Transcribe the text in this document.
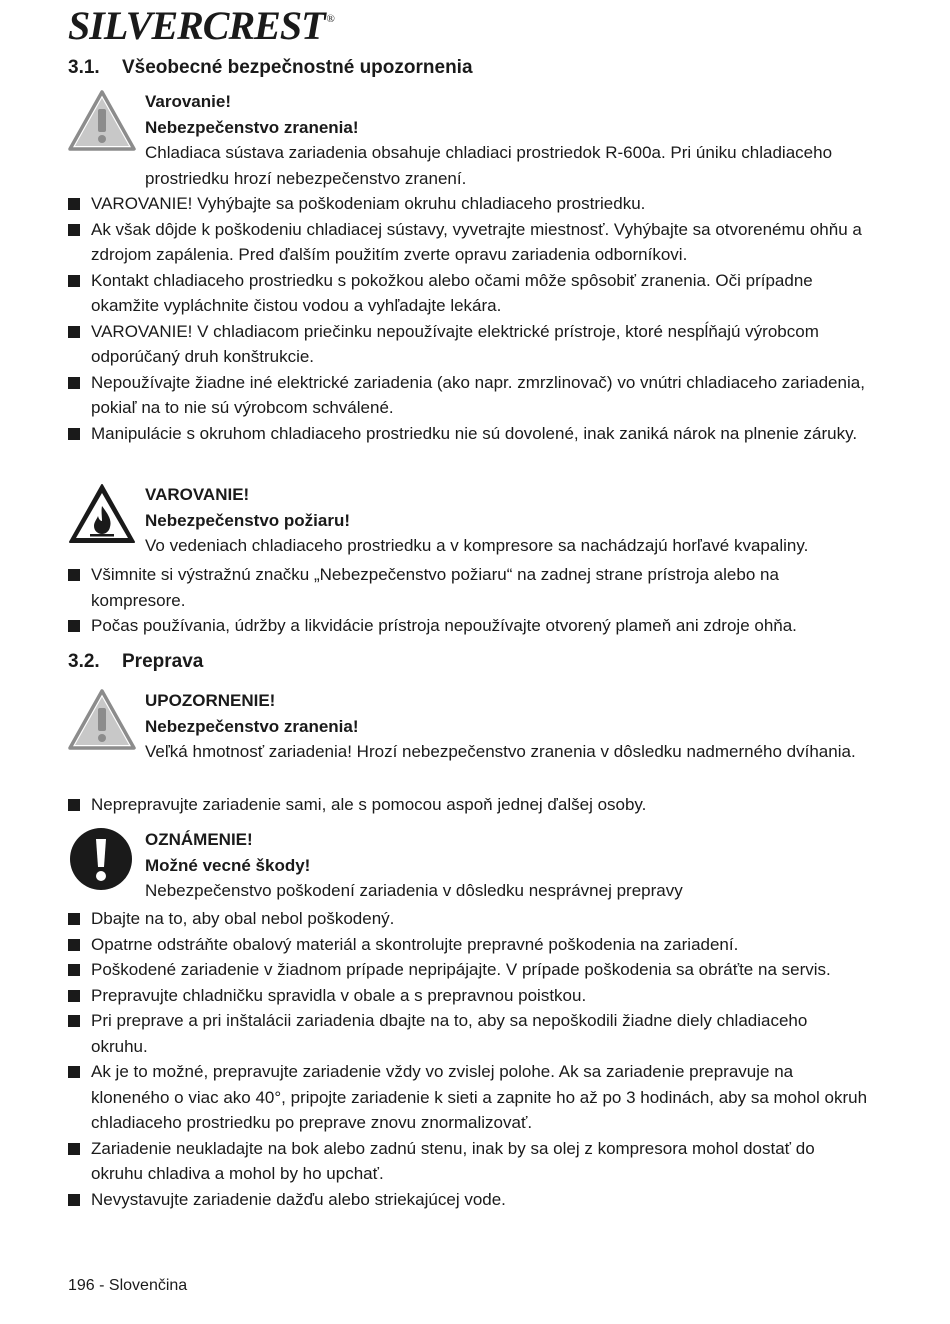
SILVERCREST ®
3.1. Všeobecné bezpečnostné upozornenia
Varovanie!
Nebezpečenstvo zranenia!
Chladiaca sústava zariadenia obsahuje chladiaci prostriedok R-600a. Pri úniku chladiaceho prostriedku hrozí nebezpečenstvo zranení.
VAROVANIE! Vyhýbajte sa poškodeniam okruhu chladiaceho prostriedku.
Ak však dôjde k poškodeniu chladiacej sústavy, vyvetrajte miestnosť. Vyhýbajte sa otvorenému ohňu a zdrojom zapálenia. Pred ďalším použitím zverte opravu zariadenia odborníkovi.
Kontakt chladiaceho prostriedku s pokožkou alebo očami môže spôsobiť zranenia. Oči prípadne okamžite vypláchnite čistou vodou a vyhľadajte lekára.
VAROVANIE! V chladiacom priečinku nepoužívajte elektrické prístroje, ktoré nespĺňajú výrobcom odporúčaný druh konštrukcie.
Nepoužívajte žiadne iné elektrické zariadenia (ako napr. zmrzlinovač) vo vnútri chladiaceho zariadenia, pokiaľ na to nie sú výrobcom schválené.
Manipulácie s okruhom chladiaceho prostriedku nie sú dovolené, inak zaniká nárok na plnenie záruky.
VAROVANIE!
Nebezpečenstvo požiaru!
Vo vedeniach chladiaceho prostriedku a v kompresore sa nachádzajú horľavé kvapaliny.
Všimnite si výstražnú značku „Nebezpečenstvo požiaru“ na zadnej strane prístroja alebo na kompresore.
Počas používania, údržby a likvidácie prístroja nepoužívajte otvorený plameň ani zdroje ohňa.
3.2. Preprava
UPOZORNENIE!
Nebezpečenstvo zranenia!
Veľká hmotnosť zariadenia! Hrozí nebezpečenstvo zranenia v dôsledku nadmerného dvíhania.
Neprepravujte zariadenie sami, ale s pomocou aspoň jednej ďalšej osoby.
OZNÁMENIE!
Možné vecné škody!
Nebezpečenstvo poškodení zariadenia v dôsledku nesprávnej prepravy
Dbajte na to, aby obal nebol poškodený.
Opatrne odstráňte obalový materiál a skontrolujte prepravné poškodenia na zariadení.
Poškodené zariadenie v žiadnom prípade nepripájajte. V prípade poškodenia sa obráťte na servis.
Prepravujte chladničku spravidla v obale a s prepravnou poistkou.
Pri preprave a pri inštalácii zariadenia dbajte na to, aby sa nepoškodili žiadne diely chladiaceho okruhu.
Ak je to možné, prepravujte zariadenie vždy vo zvislej polohe. Ak sa zariadenie prepravuje na kloneného o viac ako 40°, pripojte zariadenie k sieti a zapnite ho až po 3 hodinách, aby sa mohol okruh chladiaceho prostriedku po preprave znovu znormalizovať.
Zariadenie neukladajte na bok alebo zadnú stenu, inak by sa olej z kompresora mohol dostať do okruhu chladiva a mohol by ho upchať.
Nevystavujte zariadenie dažďu alebo striekajúcej vode.
196 - Slovenčina
